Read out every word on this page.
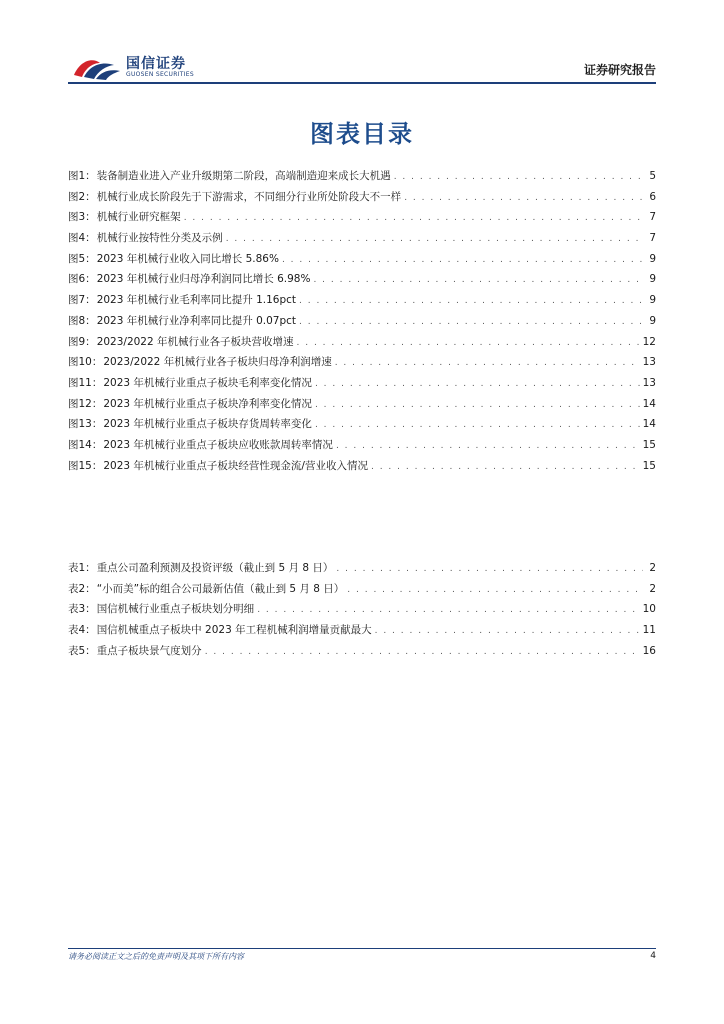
国信证券
GUOSEN SECURITIES	证券研究报告
图表目录
图1： 装备制造业进入产业升级期第二阶段，高端制造迎来成长大机遇 . . .	5
图2： 机械行业成长阶段先于下游需求，不同细分行业所处阶段大不一样 . . .	6
图3： 机械行业研究框架 . . .	7
图4： 机械行业按特性分类及示例 . . .	7
图5： 2023 年机械行业收入同比增长 5.86% . . .	9
图6： 2023 年机械行业归母净利润同比增长 6.98% . . .	9
图7： 2023 年机械行业毛利率同比提升 1.16pct . . .	9
图8： 2023 年机械行业净利率同比提升 0.07pct . . .	9
图9： 2023/2022 年机械行业各子板块营收增速 . . .	12
图10： 2023/2022 年机械行业各子板块归母净利润增速 . . .	13
图11： 2023 年机械行业重点子板块毛利率变化情况 . . .	13
图12： 2023 年机械行业重点子板块净利率变化情况 . . .	14
图13： 2023 年机械行业重点子板块存货周转率变化 . . .	14
图14： 2023 年机械行业重点子板块应收账款周转率情况 . . .	15
图15： 2023 年机械行业重点子板块经营性现金流/营业收入情况 . . .	15
表1： 重点公司盈利预测及投资评级（截止到 5 月 8 日） . . .	2
表2： “小而美”标的组合公司最新估值（截止到 5 月 8 日） . . .	2
表3： 国信机械行业重点子板块划分明细 . . .	10
表4： 国信机械重点子板块中 2023 年工程机械利润增量贡献最大 . . .	11
表5： 重点子板块景气度划分 . . .	16
请务必阅读正文之后的免责声明及其项下所有内容	4
